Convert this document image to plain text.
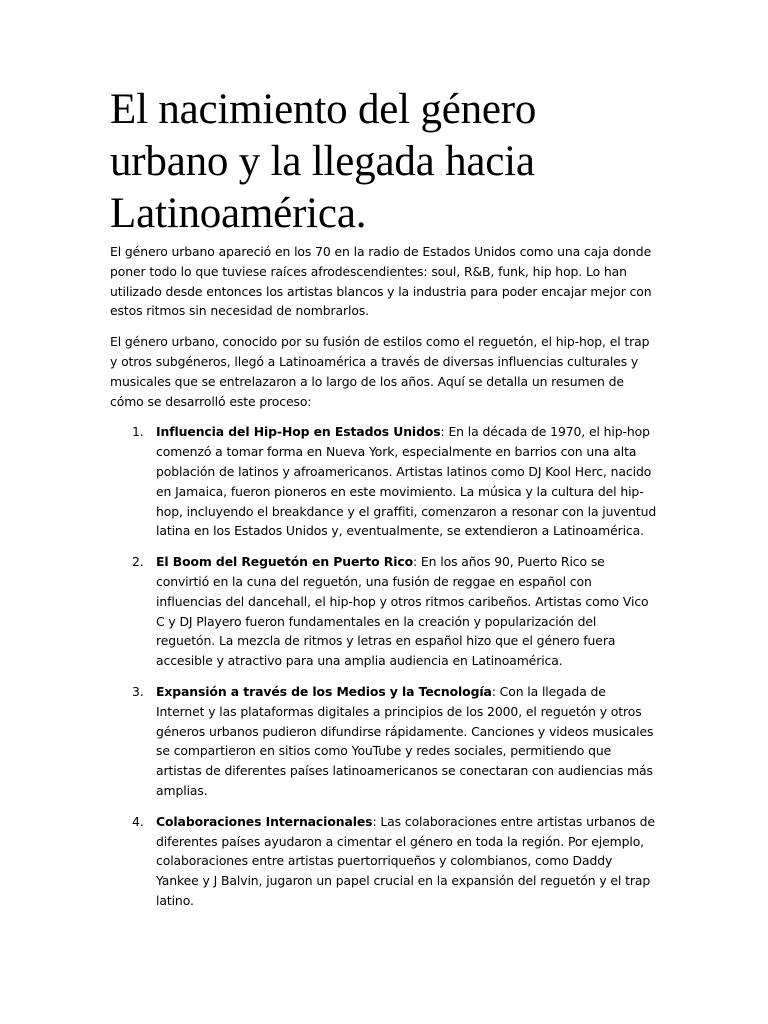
El nacimiento del género urbano y la llegada hacia Latinoamérica.

El género urbano apareció en los 70 en la radio de Estados Unidos como una caja donde poner todo lo que tuviese raíces afrodescendientes: soul, R&B, funk, hip hop. Lo han utilizado desde entonces los artistas blancos y la industria para poder encajar mejor con estos ritmos sin necesidad de nombrarlos.

El género urbano, conocido por su fusión de estilos como el reguetón, el hip-hop, el trap y otros subgéneros, llegó a Latinoamérica a través de diversas influencias culturales y musicales que se entrelazaron a lo largo de los años. Aquí se detalla un resumen de cómo se desarrolló este proceso:

1. Influencia del Hip-Hop en Estados Unidos: En la década de 1970, el hip-hop comenzó a tomar forma en Nueva York, especialmente en barrios con una alta población de latinos y afroamericanos. Artistas latinos como DJ Kool Herc, nacido en Jamaica, fueron pioneros en este movimiento. La música y la cultura del hip-hop, incluyendo el breakdance y el graffiti, comenzaron a resonar con la juventud latina en los Estados Unidos y, eventualmente, se extendieron a Latinoamérica.
2. El Boom del Reguetón en Puerto Rico: En los años 90, Puerto Rico se convirtió en la cuna del reguetón, una fusión de reggae en español con influencias del dancehall, el hip-hop y otros ritmos caribeños. Artistas como Vico C y DJ Playero fueron fundamentales en la creación y popularización del reguetón. La mezcla de ritmos y letras en español hizo que el género fuera accesible y atractivo para una amplia audiencia en Latinoamérica.
3. Expansión a través de los Medios y la Tecnología: Con la llegada de Internet y las plataformas digitales a principios de los 2000, el reguetón y otros géneros urbanos pudieron difundirse rápidamente. Canciones y videos musicales se compartieron en sitios como YouTube y redes sociales, permitiendo que artistas de diferentes países latinoamericanos se conectaran con audiencias más amplias.
4. Colaboraciones Internacionales: Las colaboraciones entre artistas urbanos de diferentes países ayudaron a cimentar el género en toda la región. Por ejemplo, colaboraciones entre artistas puertorriqueños y colombianos, como Daddy Yankee y J Balvin, jugaron un papel crucial en la expansión del reguetón y el trap latino.
